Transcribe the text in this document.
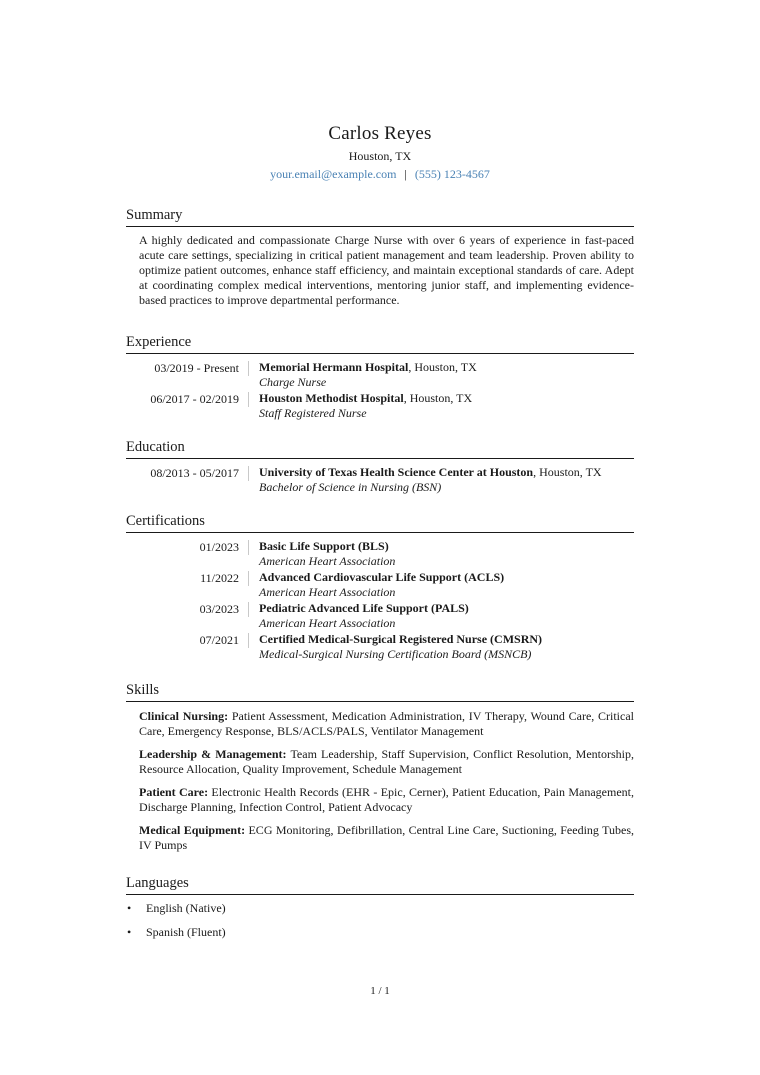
Carlos Reyes
Houston, TX
your.email@example.com | (555) 123-4567
Summary
A highly dedicated and compassionate Charge Nurse with over 6 years of experience in fast-paced acute care settings, specializing in critical patient management and team leadership. Proven ability to optimize patient outcomes, enhance staff efficiency, and maintain exceptional standards of care. Adept at coordinating complex medical interventions, mentoring junior staff, and implementing evidence-based practices to improve departmental performance.
Experience
03/2019 - Present	Memorial Hermann Hospital, Houston, TX
Charge Nurse
06/2017 - 02/2019	Houston Methodist Hospital, Houston, TX
Staff Registered Nurse
Education
08/2013 - 05/2017	University of Texas Health Science Center at Houston, Houston, TX
Bachelor of Science in Nursing (BSN)
Certifications
01/2023	Basic Life Support (BLS)
American Heart Association
11/2022	Advanced Cardiovascular Life Support (ACLS)
American Heart Association
03/2023	Pediatric Advanced Life Support (PALS)
American Heart Association
07/2021	Certified Medical-Surgical Registered Nurse (CMSRN)
Medical-Surgical Nursing Certification Board (MSNCB)
Skills
Clinical Nursing: Patient Assessment, Medication Administration, IV Therapy, Wound Care, Critical Care, Emergency Response, BLS/ACLS/PALS, Ventilator Management
Leadership & Management: Team Leadership, Staff Supervision, Conflict Resolution, Mentorship, Resource Allocation, Quality Improvement, Schedule Management
Patient Care: Electronic Health Records (EHR - Epic, Cerner), Patient Education, Pain Management, Discharge Planning, Infection Control, Patient Advocacy
Medical Equipment: ECG Monitoring, Defibrillation, Central Line Care, Suctioning, Feeding Tubes, IV Pumps
Languages
•	English (Native)
•	Spanish (Fluent)
1 / 1
